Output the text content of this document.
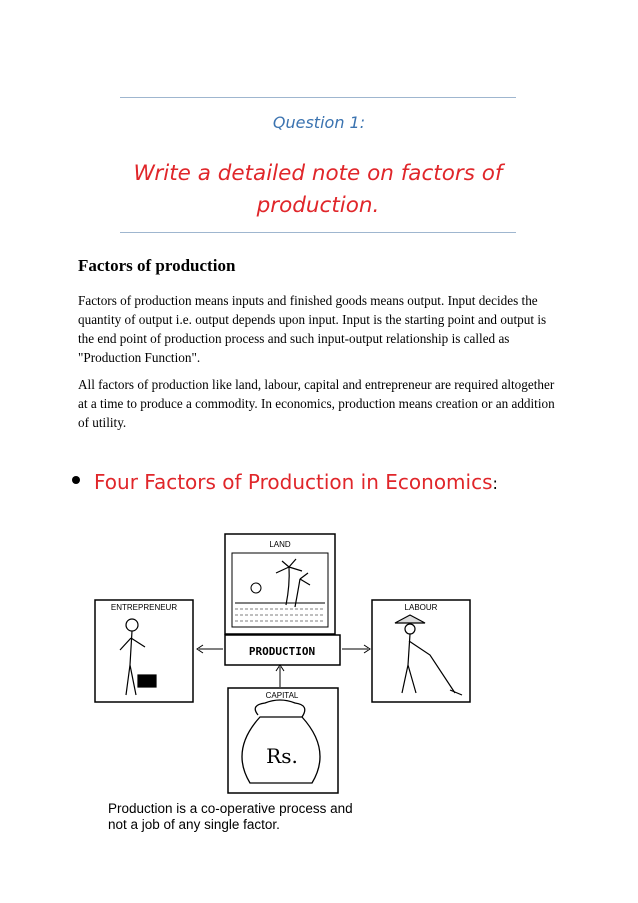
Question 1:
Write a detailed note on factors of
production.
Factors of production

Factors of production means inputs and finished goods means output. Input decides the quantity of output i.e. output depends upon input. Input is the starting point and output is the end point of production process and such input-output relationship is called as "Production Function".

All factors of production like land, labour, capital and entrepreneur are required altogether at a time to produce a commodity. In economics, production means creation or an addition of utility.

Four Factors of Production in Economics :
LAND
ENTREPRENEUR
PRODUCTION
LABOUR
CAPITAL
Rs.
Production is a co-operative process and
not a job of any single factor.
